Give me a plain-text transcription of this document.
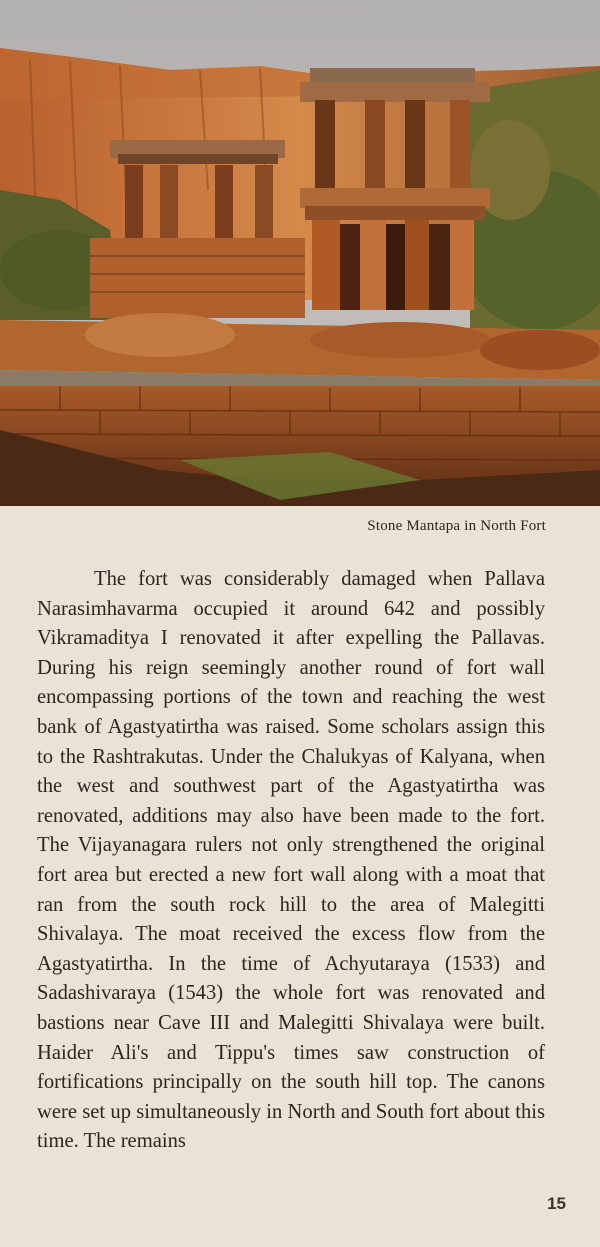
Stone Mantapa in North Fort

The fort was considerably damaged when Pallava Narasimhavarma occupied it around 642 and possibly Vikramaditya I renovated it after expelling the Pallavas. During his reign seemingly another round of fort wall encompassing portions of the town and reaching the west bank of Agastyatirtha was raised. Some scholars assign this to the Rashtrakutas. Under the Chalukyas of Kalyana, when the west and southwest part of the Agastyatirtha was renovated, additions may also have been made to the fort. The Vijayanagara rulers not only strengthened the original fort area but erected a new fort wall along with a moat that ran from the south rock hill to the area of Malegitti Shivalaya. The moat received the excess flow from the Agastyatirtha. In the time of Achyutaraya (1533) and Sadashivaraya (1543) the whole fort was renovated and bastions near Cave III and Malegitti Shivalaya were built. Haider Ali's and Tippu's times saw construction of fortifications principally on the south hill top. The canons were set up simultaneously in North and South fort about this time. The remains

15
